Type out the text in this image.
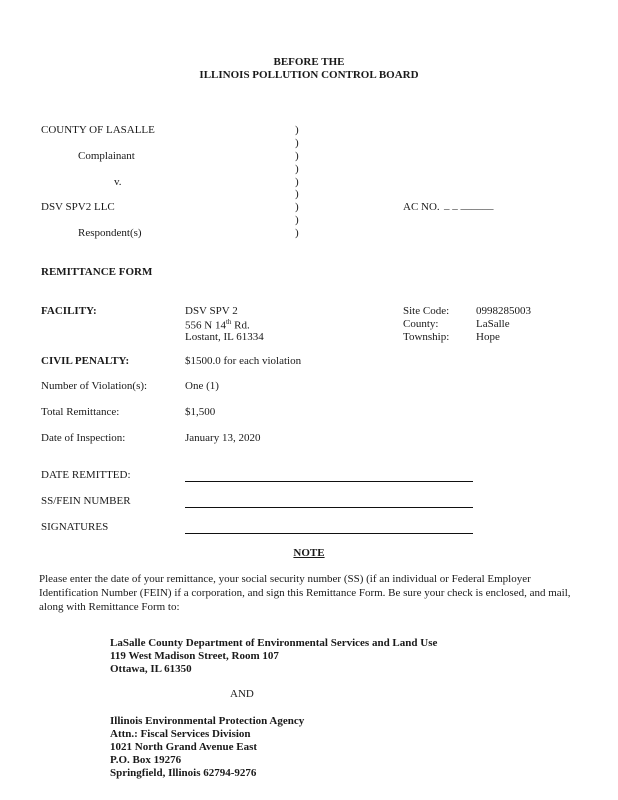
BEFORE THE
ILLINOIS POLLUTION CONTROL BOARD
COUNTY OF LASALLE
Complainant
v.
DSV SPV2 LLC
Respondent(s)
)
)
)
)
)
)
)
)
)
AC NO. _ _ ______
REMITTANCE FORM
FACILITY:	DSV SPV 2
556 N 14th Rd.
Lostant, IL 61334
Site Code: 0998285003
County:	LaSalle
Township: Hope
CIVIL PENALTY:	$1500.0 for each violation
Number of Violation(s):	One (1)
Total Remittance:	$1,500
Date of Inspection:	January 13, 2020
DATE REMITTED:
SS/FEIN NUMBER
SIGNATURES
NOTE
Please enter the date of your remittance, your social security number (SS) (if an individual or Federal Employer Identification Number (FEIN) if a corporation, and sign this Remittance Form. Be sure your check is enclosed, and mail, along with Remittance Form to:
LaSalle County Department of Environmental Services and Land Use
119 West Madison Street, Room 107
Ottawa, IL 61350
AND
Illinois Environmental Protection Agency
Attn.: Fiscal Services Division
1021 North Grand Avenue East
P.O. Box 19276
Springfield, Illinois 62794-9276
